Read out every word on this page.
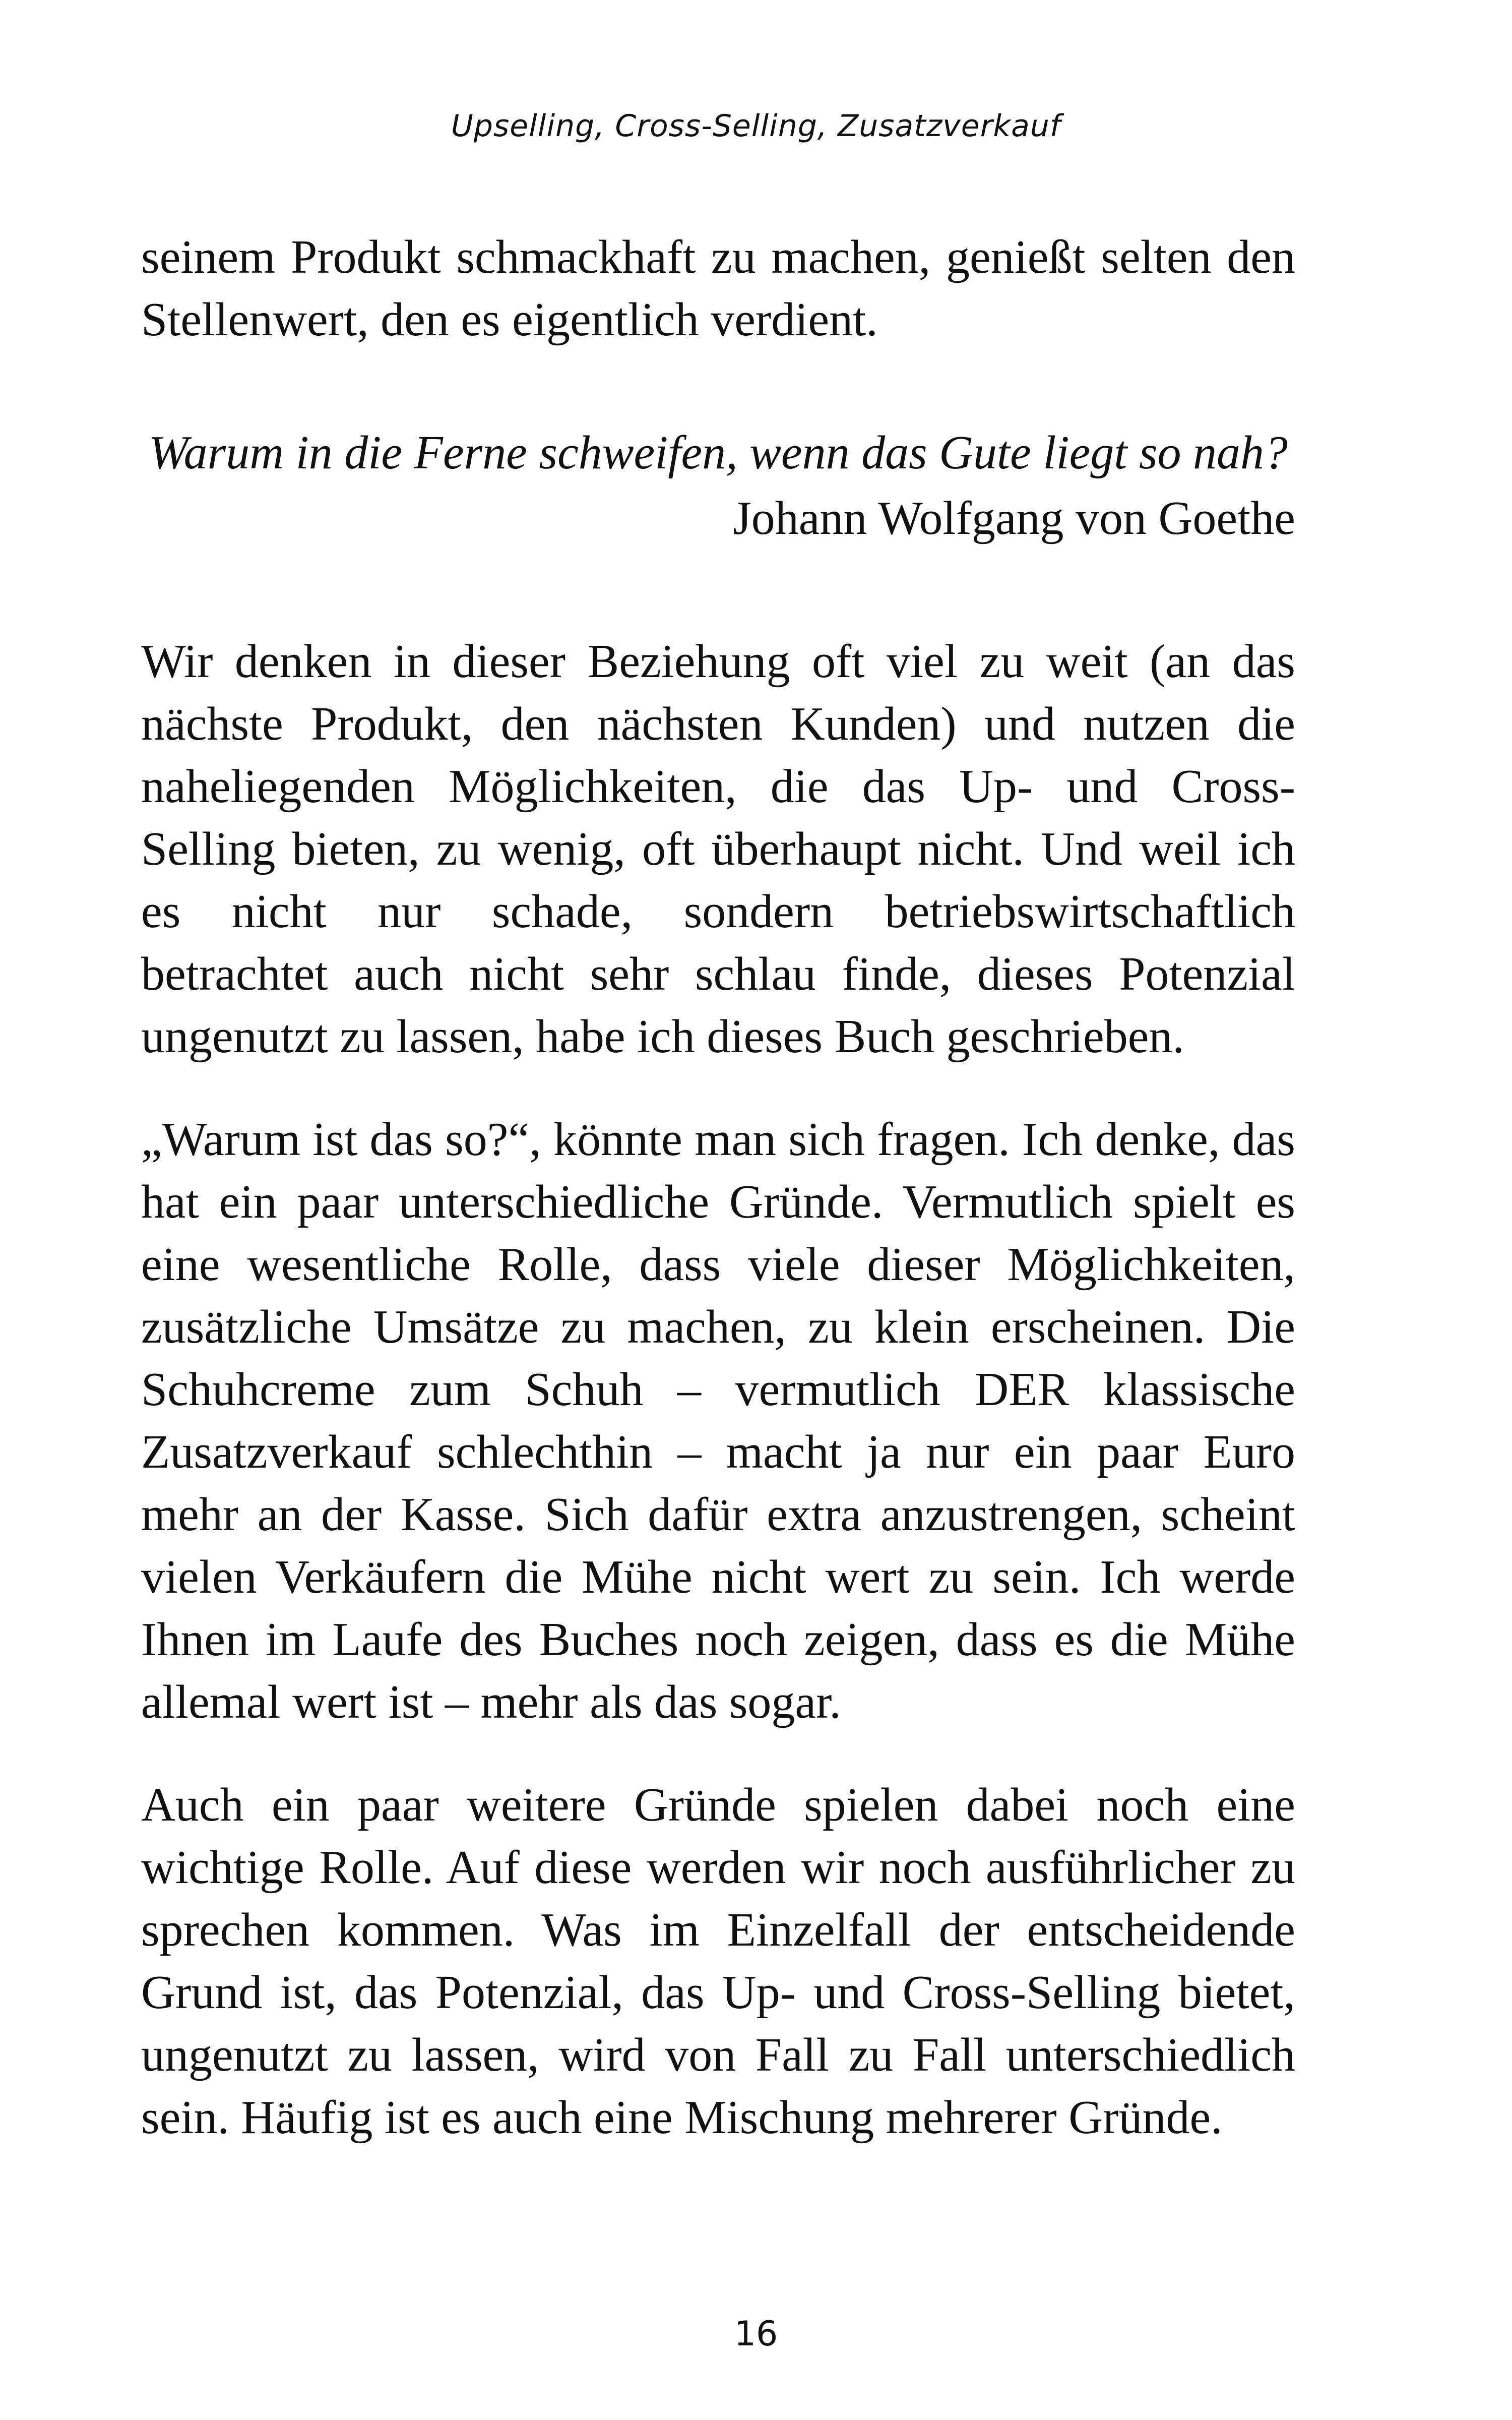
Upselling, Cross-Selling, Zusatzverkauf

seinem Produkt schmackhaft zu machen, genießt selten den Stellenwert, den es eigentlich verdient.

Warum in die Ferne schweifen, wenn das Gute liegt so nah?

Johann Wolfgang von Goethe

Wir denken in dieser Beziehung oft viel zu weit (an das nächste Produkt, den nächsten Kunden) und nutzen die naheliegenden Möglichkeiten, die das Up- und Cross-Selling bieten, zu wenig, oft überhaupt nicht. Und weil ich es nicht nur schade, sondern betriebswirtschaftlich betrachtet auch nicht sehr schlau finde, dieses Potenzial ungenutzt zu lassen, habe ich dieses Buch geschrieben.

„Warum ist das so?“, könnte man sich fragen. Ich denke, das hat ein paar unterschiedliche Gründe. Vermutlich spielt es eine wesentliche Rolle, dass viele dieser Möglichkeiten, zusätzliche Umsätze zu machen, zu klein erscheinen. Die Schuhcreme zum Schuh – vermutlich DER klassische Zusatzverkauf schlechthin – macht ja nur ein paar Euro mehr an der Kasse. Sich dafür extra anzustrengen, scheint vielen Verkäufern die Mühe nicht wert zu sein. Ich werde Ihnen im Laufe des Buches noch zeigen, dass es die Mühe allemal wert ist – mehr als das sogar.

Auch ein paar weitere Gründe spielen dabei noch eine wichtige Rolle. Auf diese werden wir noch ausführlicher zu sprechen kommen. Was im Einzelfall der entscheidende Grund ist, das Potenzial, das Up- und Cross-Selling bietet, ungenutzt zu lassen, wird von Fall zu Fall unterschiedlich sein. Häufig ist es auch eine Mischung mehrerer Gründe.

16
